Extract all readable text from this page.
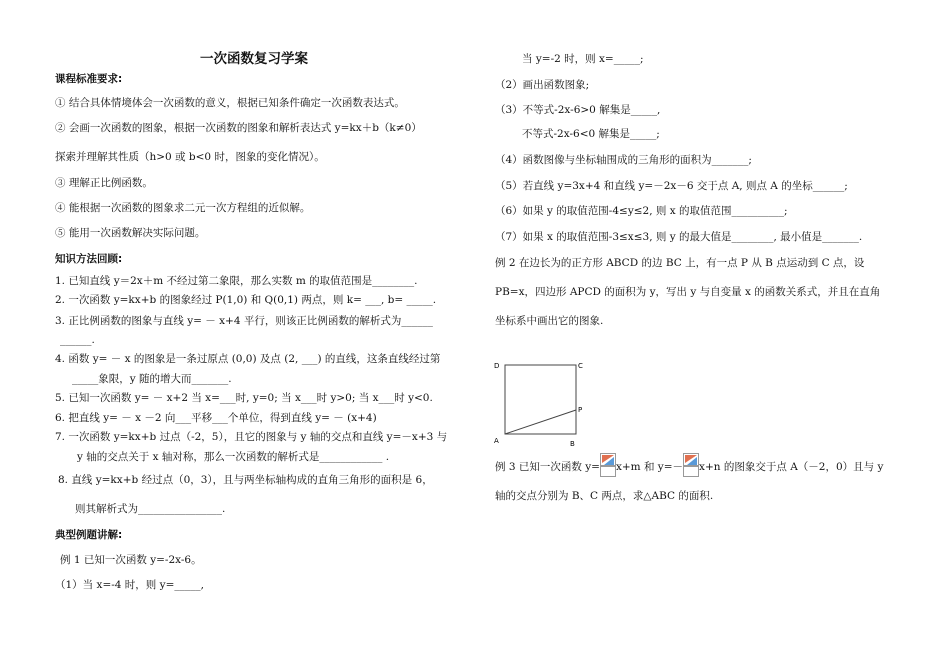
一次函数复习学案
课程标准要求:
① 结合具体情境体会一次函数的意义，根据已知条件确定一次函数表达式。
② 会画一次函数的图象，根据一次函数的图象和解析表达式 y=kx＋b（k≠0）
探索并理解其性质（h>0 或 b<0 时，图象的变化情况）。
③ 理解正比例函数。
④ 能根据一次函数的图象求二元一次方程组的近似解。
⑤ 能用一次函数解决实际问题。
知识方法回顾:
1. 已知直线 y＝2x＋m 不经过第二象限，那么实数 m 的取值范围是________.
2. 一次函数 y=kx+b 的图象经过 P(1,0) 和 Q(0,1) 两点，则 k= ___, b= _____.
3. 正比例函数的图象与直线 y= － x+4 平行，则该正比例函数的解析式为______
______.
4. 函数 y= － x 的图象是一条过原点 (0,0) 及点 (2, ___) 的直线，这条直线经过第
_____象限，y 随的增大而_______.
5. 已知一次函数 y= － x+2 当 x=___时, y=0; 当 x___时 y>0; 当 x___时 y<0.
6. 把直线 y= － x －2 向___平移___个单位，得到直线 y= － (x+4)
7. 一次函数 y=kx+b 过点（-2，5），且它的图象与 y 轴的交点和直线 y=－x+3 与
y 轴的交点关于 x 轴对称，那么一次函数的解析式是____________ .
8. 直线 y=kx+b 经过点（0，3），且与两坐标轴构成的直角三角形的面积是 6，
则其解析式为________________.
典型例题讲解:
例 1 已知一次函数 y=-2x-6。
（1）当 x=-4 时，则 y=_____,
当 y=-2 时，则 x=_____;
（2）画出函数图象;
（3）不等式-2x-6>0 解集是_____,
不等式-2x-6<0 解集是_____;
（4）函数图像与坐标轴围成的三角形的面积为_______;
（5）若直线 y=3x+4 和直线 y=－2x－6 交于点 A, 则点 A 的坐标______;
（6）如果 y 的取值范围-4≤y≤2, 则 x 的取值范围__________;
（7）如果 x 的取值范围-3≤x≤3, 则 y 的最大值是________, 最小值是_______.
例 2 在边长为的正方形 ABCD 的边 BC 上，有一点 P 从 B 点运动到 C 点，设
PB=x，四边形 APCD 的面积为 y，写出 y 与自变量 x 的函数关系式，并且在直角
坐标系中画出它的图象.
D	C
P
A	B
例 3 已知一次函数 y= x+m 和 y=－ x+n 的图象交于点 A（－2，0）且与 y
轴的交点分别为 B、C 两点，求△ABC 的面积.
